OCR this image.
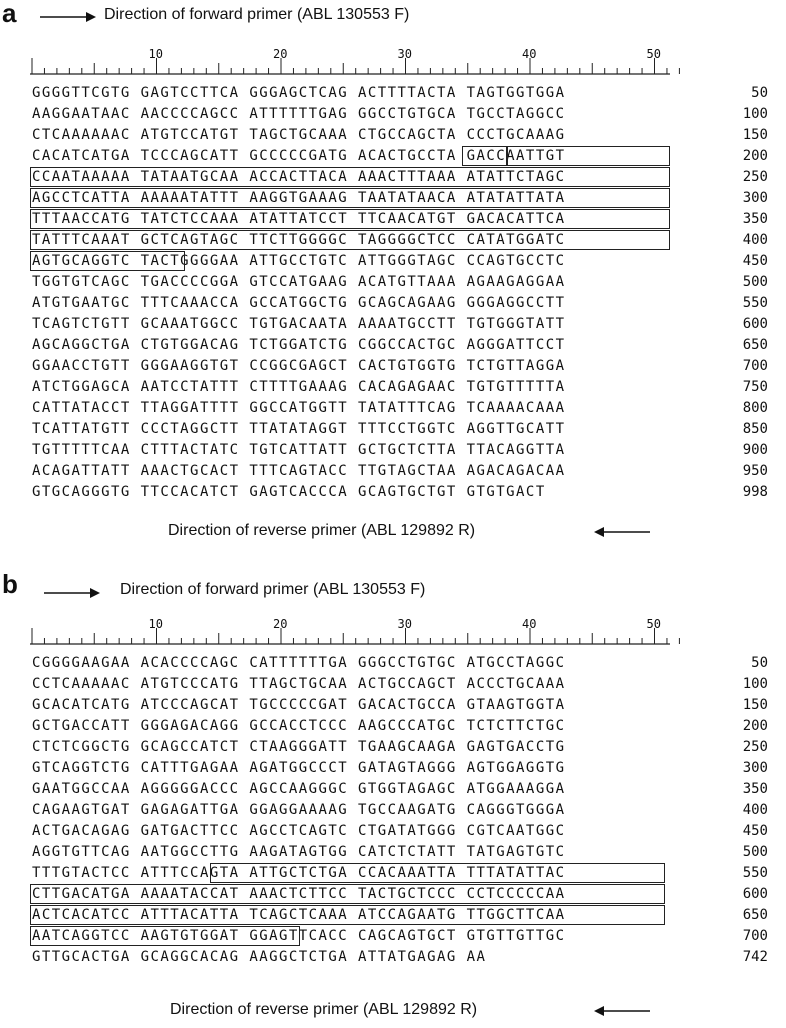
a	Direction of forward primer (ABL 130553 F)
10	20	30	40	50
GGGGTTCGTG GAGTCCTTCA GGGAGCTCAG ACTTTTACTA TAGTGGTGGA	50
AAGGAATAAC AACCCCAGCC ATTTTTTGAG GGCCTGTGCA TGCCTAGGCC	100
CTCAAAAAAC ATGTCCATGT TAGCTGCAAA CTGCCAGCTA CCCTGCAAAG	150
CACATCATGA TCCCAGCATT GCCCCCGATG ACACTGCCTA GACCAATTGT	200
CCAATAAAAA TATAATGCAA ACCACTTACA AAACTTTAAA ATATTCTAGC	250
AGCCTCATTA AAAAATATTT AAGGTGAAAG TAATATAACA ATATATTATA	300
TTTAACCATG TATCTCCAAA ATATTATCCT TTCAACATGT GACACATTCA	350
TATTTCAAAT GCTCAGTAGC TTCTTGGGGC TAGGGGCTCC CATATGGATC	400
AGTGCAGGTC TACTGGGGAA ATTGCCTGTC ATTGGGTAGC CCAGTGCCTC	450
TGGTGTCAGC TGACCCCGGA GTCCATGAAG ACATGTTAAA AGAAGAGGAA	500
ATGTGAATGC TTTCAAACCA GCCATGGCTG GCAGCAGAAG GGGAGGCCTT	550
TCAGTCTGTT GCAAATGGCC TGTGACAATA AAAATGCCTT TGTGGGTATT	600
AGCAGGCTGA CTGTGGACAG TCTGGATCTG CGGCCACTGC AGGGATTCCT	650
GGAACCTGTT GGGAAGGTGT CCGGCGAGCT CACTGTGGTG TCTGTTAGGA	700
ATCTGGAGCA AATCCTATTT CTTTTGAAAG CACAGAGAAC TGTGTTTTTA	750
CATTATACCT TTAGGATTTT GGCCATGGTT TATATTTCAG TCAAAACAAA	800
TCATTATGTT CCCTAGGCTT TTATATAGGT TTTCCTGGTC AGGTTGCATT	850
TGTTTTTCAA CTTTACTATC TGTCATTATT GCTGCTCTTA TTACAGGTTA	900
ACAGATTATT AAACTGCACT TTTCAGTACC TTGTAGCTAA AGACAGACAA	950
GTGCAGGGTG TTCCACATCT GAGTCACCCA GCAGTGCTGT GTGTGACT	998
Direction of reverse primer (ABL 129892 R)
b	Direction of forward primer (ABL 130553 F)
10	20	30	40	50
CGGGGAAGAA ACACCCCAGC CATTTTTTGA GGGCCTGTGC ATGCCTAGGC	50
CCTCAAAAAC ATGTCCCATG TTAGCTGCAA ACTGCCAGCT ACCCTGCAAA	100
GCACATCATG ATCCCAGCAT TGCCCCCGAT GACACTGCCA GTAAGTGGTA	150
GCTGACCATT GGGAGACAGG GCCACCTCCC AAGCCCATGC TCTCTTCTGC	200
CTCTCGGCTG GCAGCCATCT CTAAGGGATT TGAAGCAAGA GAGTGACCTG	250
GTCAGGTCTG CATTTGAGAA AGATGGCCCT GATAGTAGGG AGTGGAGGTG	300
GAATGGCCAA AGGGGGACCC AGCCAAGGGC GTGGTAGAGC ATGGAAAGGA	350
CAGAAGTGAT GAGAGATTGA GGAGGAAAAG TGCCAAGATG CAGGGTGGGA	400
ACTGACAGAG GATGACTTCC AGCCTCAGTC CTGATATGGG CGTCAATGGC	450
AGGTGTTCAG AATGGCCTTG AAGATAGTGG CATCTCTATT TATGAGTGTC	500
TTTGTACTCC ATTTCCAGTA ATTGCTCTGA CCACAAATTA TTTATATTAC	550
CTTGACATGA AAAATACCAT AAACTCTTCC TACTGCTCCC CCTCCCCCAA	600
ACTCACATCC ATTTACATTA TCAGCTCAAA ATCCAGAATG TTGGCTTCAA	650
AATCAGGTCC AAGTGTGGAT GGAGTTCACC CAGCAGTGCT GTGTTGTTGC	700
GTTGCACTGA GCAGGCACAG AAGGCTCTGA ATTATGAGAG AA	742
Direction of reverse primer (ABL 129892 R)
